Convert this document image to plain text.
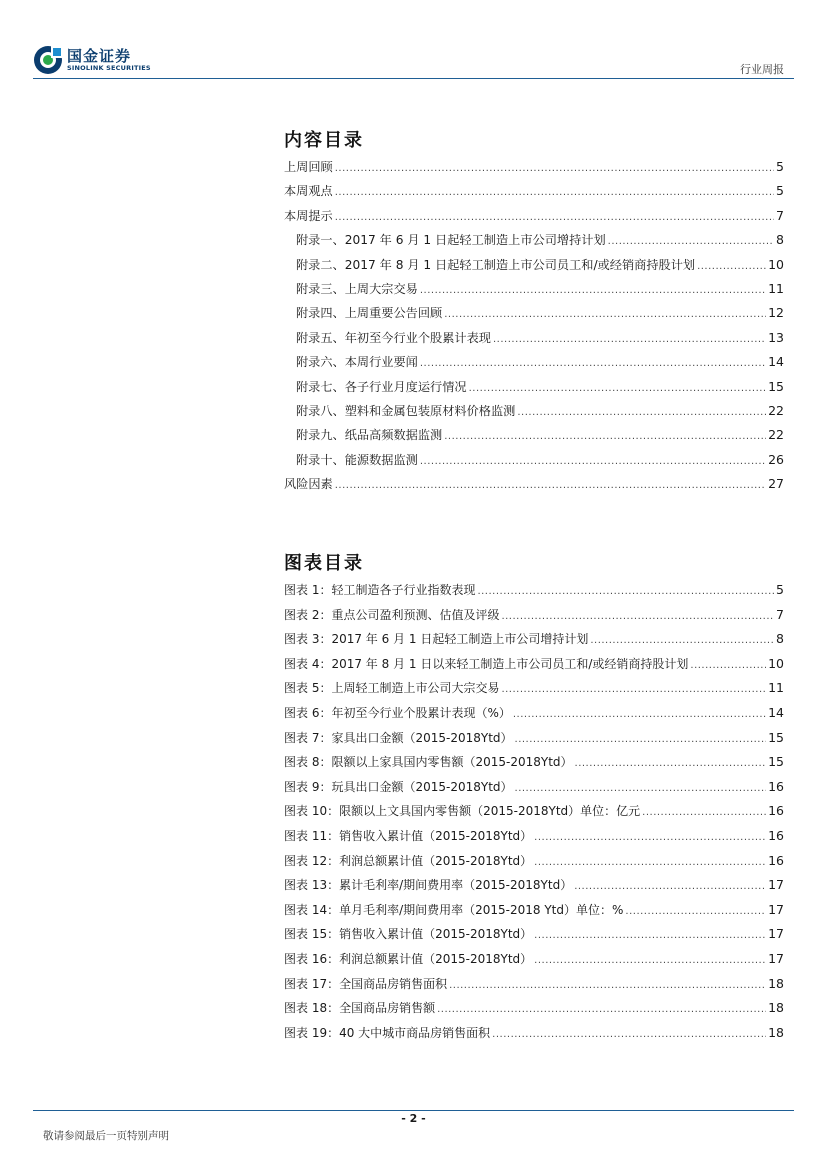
国金证券
SINOLINK SECURITIES	行业周报
内容目录
上周回顾 .....	5
本周观点 .....	5
本周提示 .....	7
附录一、2017 年 6 月 1 日起轻工制造上市公司增持计划 .....	8
附录二、2017 年 8 月 1 日起轻工制造上市公司员工和/或经销商持股计划 .....	10
附录三、上周大宗交易 .....	11
附录四、上周重要公告回顾 .....	12
附录五、年初至今行业个股累计表现 .....	13
附录六、本周行业要闻 .....	14
附录七、各子行业月度运行情况 .....	15
附录八、塑料和金属包装原材料价格监测 .....	22
附录九、纸品高频数据监测 .....	22
附录十、能源数据监测 .....	26
风险因素 .....	27
图表目录
图表 1：轻工制造各子行业指数表现 .....	5
图表 2：重点公司盈利预测、估值及评级 .....	7
图表 3：2017 年 6 月 1 日起轻工制造上市公司增持计划 .....	8
图表 4：2017 年 8 月 1 日以来轻工制造上市公司员工和/或经销商持股计划 .....	10
图表 5：上周轻工制造上市公司大宗交易 .....	11
图表 6：年初至今行业个股累计表现（%） .....	14
图表 7：家具出口金额（2015-2018Ytd） .....	15
图表 8：限额以上家具国内零售额（2015-2018Ytd） .....	15
图表 9：玩具出口金额（2015-2018Ytd） .....	16
图表 10：限额以上文具国内零售额（2015-2018Ytd）单位：亿元 .....	16
图表 11：销售收入累计值（2015-2018Ytd） .....	16
图表 12：利润总额累计值（2015-2018Ytd） .....	16
图表 13：累计毛利率/期间费用率（2015-2018Ytd） .....	17
图表 14：单月毛利率/期间费用率（2015-2018 Ytd）单位：% .....	17
图表 15：销售收入累计值（2015-2018Ytd） .....	17
图表 16：利润总额累计值（2015-2018Ytd） .....	17
图表 17：全国商品房销售面积 .....	18
图表 18：全国商品房销售额 .....	18
图表 19：40 大中城市商品房销售面积 .....	18
- 2 -
敬请参阅最后一页特别声明
